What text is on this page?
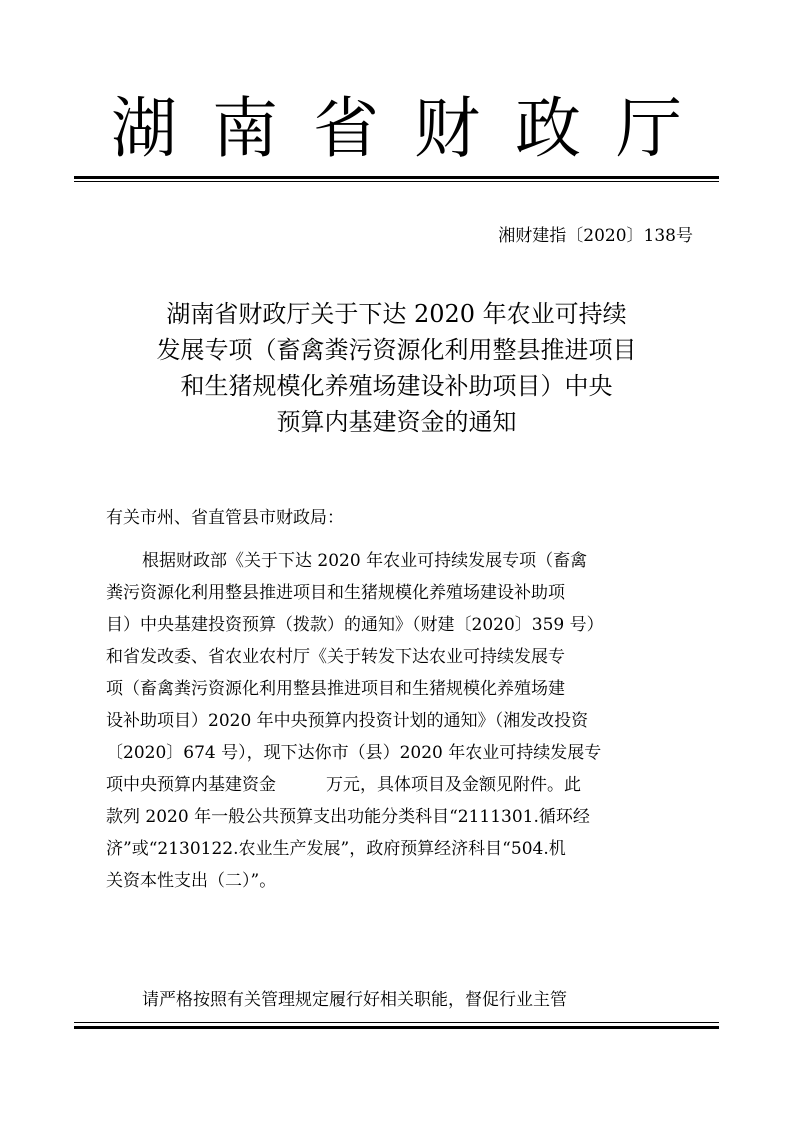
湖南省财政厅
湘财建指〔2020〕138号
湖南省财政厅关于下达 2020 年农业可持续
发展专项（畜禽粪污资源化利用整县推进项目
和生猪规模化养殖场建设补助项目）中央
预算内基建资金的通知
有关市州、省直管县市财政局：
根据财政部《关于下达 2020 年农业可持续发展专项（畜禽
粪污资源化利用整县推进项目和生猪规模化养殖场建设补助项
目）中央基建投资预算（拨款）的通知》（财建〔2020〕359 号）
和省发改委、省农业农村厅《关于转发下达农业可持续发展专
项（畜禽粪污资源化利用整县推进项目和生猪规模化养殖场建
设补助项目）2020 年中央预算内投资计划的通知》（湘发改投资
〔2020〕674 号），现下达你市（县）2020 年农业可持续发展专
项中央预算内基建资金	万元，具体项目及金额见附件。此
款列 2020 年一般公共预算支出功能分类科目“2111301.循环经
济”或“2130122.农业生产发展”，政府预算经济科目“504.机
关资本性支出（二）”。
请严格按照有关管理规定履行好相关职能，督促行业主管
